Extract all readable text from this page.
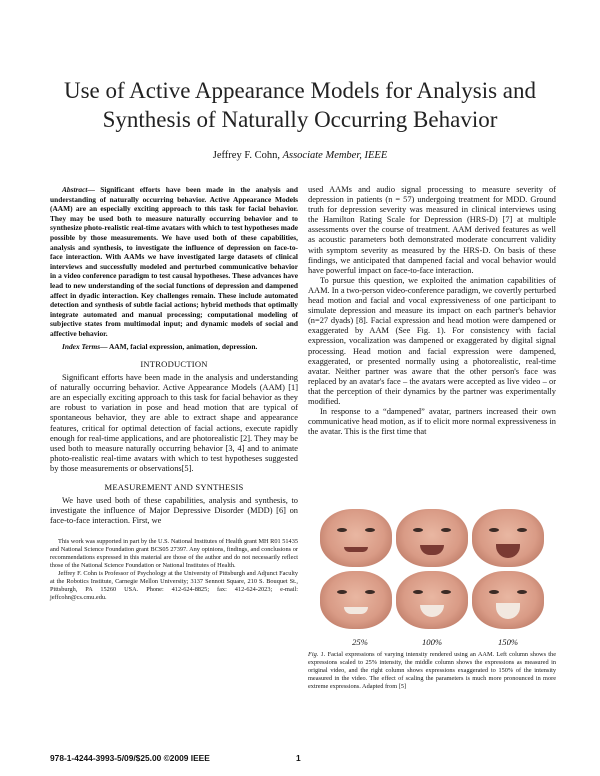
Use of Active Appearance Models for Analysis and Synthesis of Naturally Occurring Behavior
Jeffrey F. Cohn, Associate Member, IEEE

Abstract— Significant efforts have been made in the analysis and understanding of naturally occurring behavior. Active Appearance Models (AAM) are an especially exciting approach to this task for facial behavior. They may be used both to measure naturally occurring behavior and to synthesize photo-realistic real-time avatars with which to test hypotheses made possible by those measurements. We have used both of these capabilities, analysis and synthesis, to investigate the influence of depression on face-to-face interaction. With AAMs we have investigated large datasets of clinical interviews and successfully modeled and perturbed communicative behavior in a video conference paradigm to test causal hypotheses. These advances have lead to new understanding of the social functions of depression and dampened affect in dyadic interaction. Key challenges remain. These include automated detection and synthesis of subtle facial actions; hybrid methods that optimally integrate automated and manual processing; computational modeling of subjective states from multimodal input; and dynamic models of social and affective behavior.

Index Terms— AAM, facial expression, animation, depression.

INTRODUCTION

Significant efforts have been made in the analysis and understanding of naturally occurring behavior. Active Appearance Models (AAM) [1] are an especially exciting approach to this task for facial behavior as they are robust to variation in pose and head motion that are typical of spontaneous behavior, they are able to extract shape and appearance features, critical for optimal detection of facial actions, execute rapidly enough for real-time applications, and are photorealistic [2]. They may be used both to measure naturally occurring behavior [3, 4] and to animate photo-realistic real-time avatars with which to test hypotheses suggested by those measurements or observations[5].

MEASUREMENT AND SYNTHESIS

We have used both of these capabilities, analysis and synthesis, to investigate the influence of Major Depressive Disorder (MDD) [6] on face-to-face interaction. First, we

This work was supported in part by the U.S. National Institutes of Health grant MH R01 51435 and National Science Foundation grant BCS05 27397. Any opinions, findings, and conclusions or recommendations expressed in this material are those of the author and do not necessarily reflect those of the National Science Foundation or National Institutes of Health.

Jeffrey F. Cohn is Professor of Psychology at the University of Pittsburgh and Adjunct Faculty at the Robotics Institute, Carnegie Mellon University; 3137 Sennott Square, 210 S. Bouquet St., Pittsburgh, PA 15260 USA. Phone: 412-624-8825; fax: 412-624-2023; e-mail: jeffcohn@cs.cmu.edu.

used AAMs and audio signal processing to measure severity of depression in patients (n = 57) undergoing treatment for MDD. Ground truth for depression severity was measured in clinical interviews using the Hamilton Rating Scale for Depression (HRS-D) [7] at multiple assessments over the course of treatment. AAM derived features as well as acoustic parameters both demonstrated moderate concurrent validity with symptom severity as measured by the HRS-D. On basis of these findings, we anticipated that dampened facial and vocal behavior would have powerful impact on face-to-face interaction.

To pursue this question, we exploited the animation capabilities of AAM. In a two-person video-conference paradigm, we covertly perturbed head motion and facial and vocal expressiveness of one participant to simulate depression and measure its impact on each partner's behavior (n=27 dyads) [8]. Facial expression and head motion were dampened or exaggerated by AAM (See Fig. 1). For consistency with facial expression, vocalization was dampened or exaggerated by digital signal processing. Head motion and facial expression were dampened, exaggerated, or presented normally using a photorealistic, real-time avatar. Neither partner was aware that the other person's face was replaced by an avatar's face – the avatars were accepted as live video – or that the perception of their dynamics by the partner was experimentally modified.

In response to a “dampened” avatar, partners increased their own communicative head motion, as if to elicit more normal expressiveness in the avatar. This is the first time that

25%	100%	150%
Fig. 1. Facial expressions of varying intensity rendered using an AAM. Left column shows the expressions scaled to 25% intensity, the middle column shows the expressions as measured in original video, and the right column shows expressions exaggerated to 150% of the intensity measured in the video. The effect of scaling the parameters is much more pronounced in more extreme expressions. Adapted from [5]
978-1-4244-3993-5/09/$25.00 ©2009 IEEE	1
